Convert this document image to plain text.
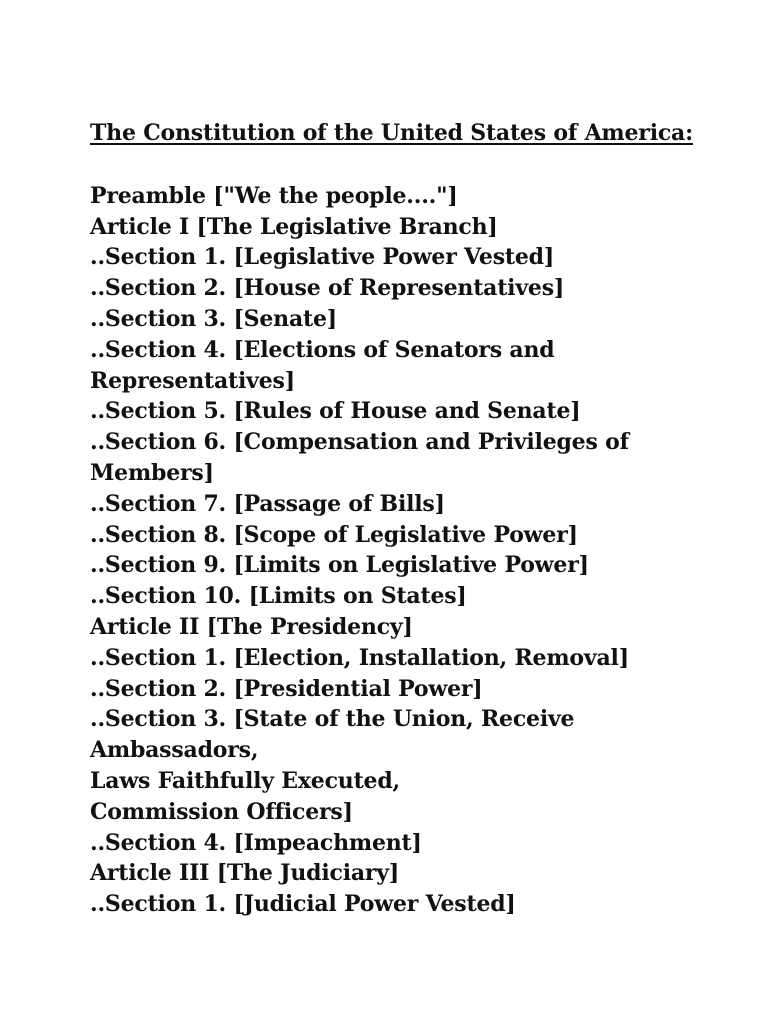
The Constitution of the United States of America:
Preamble ["We the people...."]
Article I [The Legislative Branch]
..Section 1. [Legislative Power Vested]
..Section 2. [House of Representatives]
..Section 3. [Senate]
..Section 4. [Elections of Senators and
Representatives]
..Section 5. [Rules of House and Senate]
..Section 6. [Compensation and Privileges of
Members]
..Section 7. [Passage of Bills]
..Section 8. [Scope of Legislative Power]
..Section 9. [Limits on Legislative Power]
..Section 10. [Limits on States]
Article II [The Presidency]
..Section 1. [Election, Installation, Removal]
..Section 2. [Presidential Power]
..Section 3. [State of the Union, Receive Ambassadors,
Laws Faithfully Executed,
Commission Officers]
..Section 4. [Impeachment]
Article III [The Judiciary]
..Section 1. [Judicial Power Vested]
